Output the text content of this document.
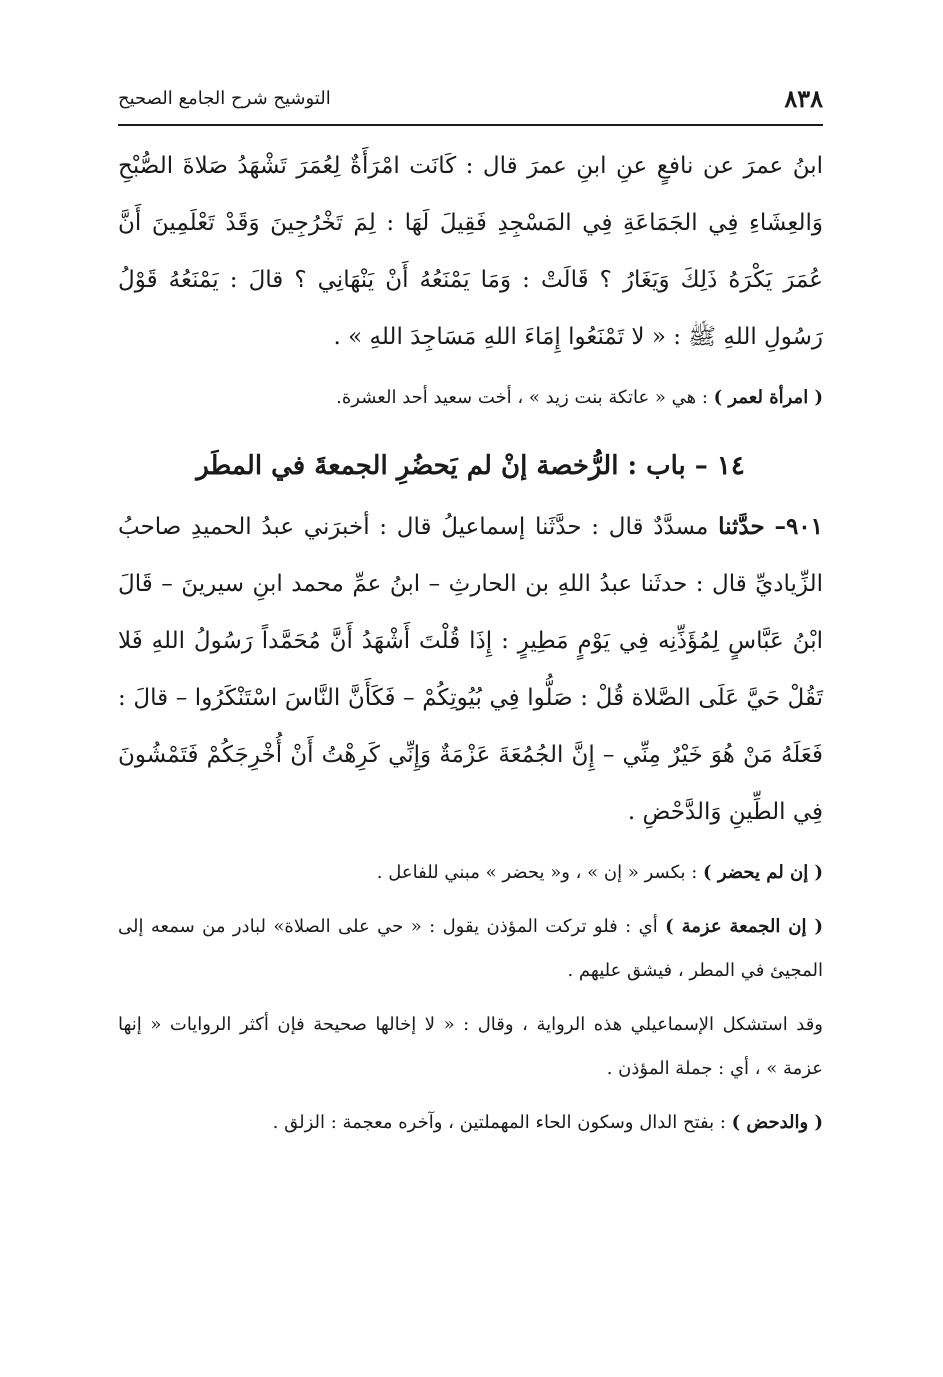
٨٣٨
التوشيح شرح الجامع الصحيح

ابنُ عمرَ عن نافعٍ عنِ ابنِ عمرَ قال : كَانَت امْرَأَةٌ لِعُمَرَ تَشْهَدُ صَلاةَ الصُّبْحِ وَالعِشَاءِ فِي الجَمَاعَةِ فِي المَسْجِدِ فَقِيلَ لَهَا : لِمَ تَخْرُجِينَ وَقَدْ تَعْلَمِينَ أَنَّ عُمَرَ يَكْرَهُ ذَلِكَ وَيَغَارُ ؟ قَالَتْ : وَمَا يَمْنَعُهُ أَنْ يَنْهَانِي ؟ قالَ : يَمْنَعُهُ قَوْلُ رَسُولِ اللهِ ﷺ : « لا تَمْنَعُوا إِمَاءَ اللهِ مَسَاجِدَ اللهِ » .

( امرأة لعمر ) : هي « عاتكة بنت زيد » ، أخت سعيد أحد العشرة.

١٤ – باب : الرُّخصة إنْ لم يَحضُرِ الجمعةَ في المطَر

٩٠١– حدَّثنا مسدَّدٌ قال : حدَّثَنا إسماعيلُ قال : أخبرَني عبدُ الحميدِ صاحبُ الزِّياديِّ قال : حدثَنا عبدُ اللهِ بن الحارثِ – ابنُ عمِّ محمد ابنِ سيرينَ – قَالَ ابْنُ عَبَّاسٍ لِمُؤَذِّنِه فِي يَوْمٍ مَطِيرٍ : إِذَا قُلْتَ أَشْهَدُ أَنَّ مُحَمَّداً رَسُولُ اللهِ فَلا تَقُلْ حَيَّ عَلَى الصَّلاة قُلْ : صَلُّوا فِي بُيُوتِكُمْ – فَكَأَنَّ النَّاسَ اسْتَنْكَرُوا – قالَ : فَعَلَهُ مَنْ هُوَ خَيْرٌ مِنِّي – إِنَّ الجُمُعَةَ عَزْمَةٌ وَإِنِّي كَرِهْتُ أَنْ أُخْرِجَكُمْ فَتَمْشُونَ فِي الطِّينِ وَالدَّحْضِ .

( إن لم يحضر ) : بكسر « إن » ، و« يحضر » مبني للفاعل .

( إن الجمعة عزمة ) أي : فلو تركت المؤذن يقول : « حي على الصلاة» لبادر من سمعه إلى المجيئ في المطر ، فيشق عليهم .

وقد استشكل الإسماعيلي هذه الرواية ، وقال : « لا إخالها صحيحة فإن أكثر الروايات « إنها عزمة » ، أي : جملة المؤذن .

( والدحض ) : بفتح الدال وسكون الحاء المهملتين ، وآخره معجمة : الزلق .
